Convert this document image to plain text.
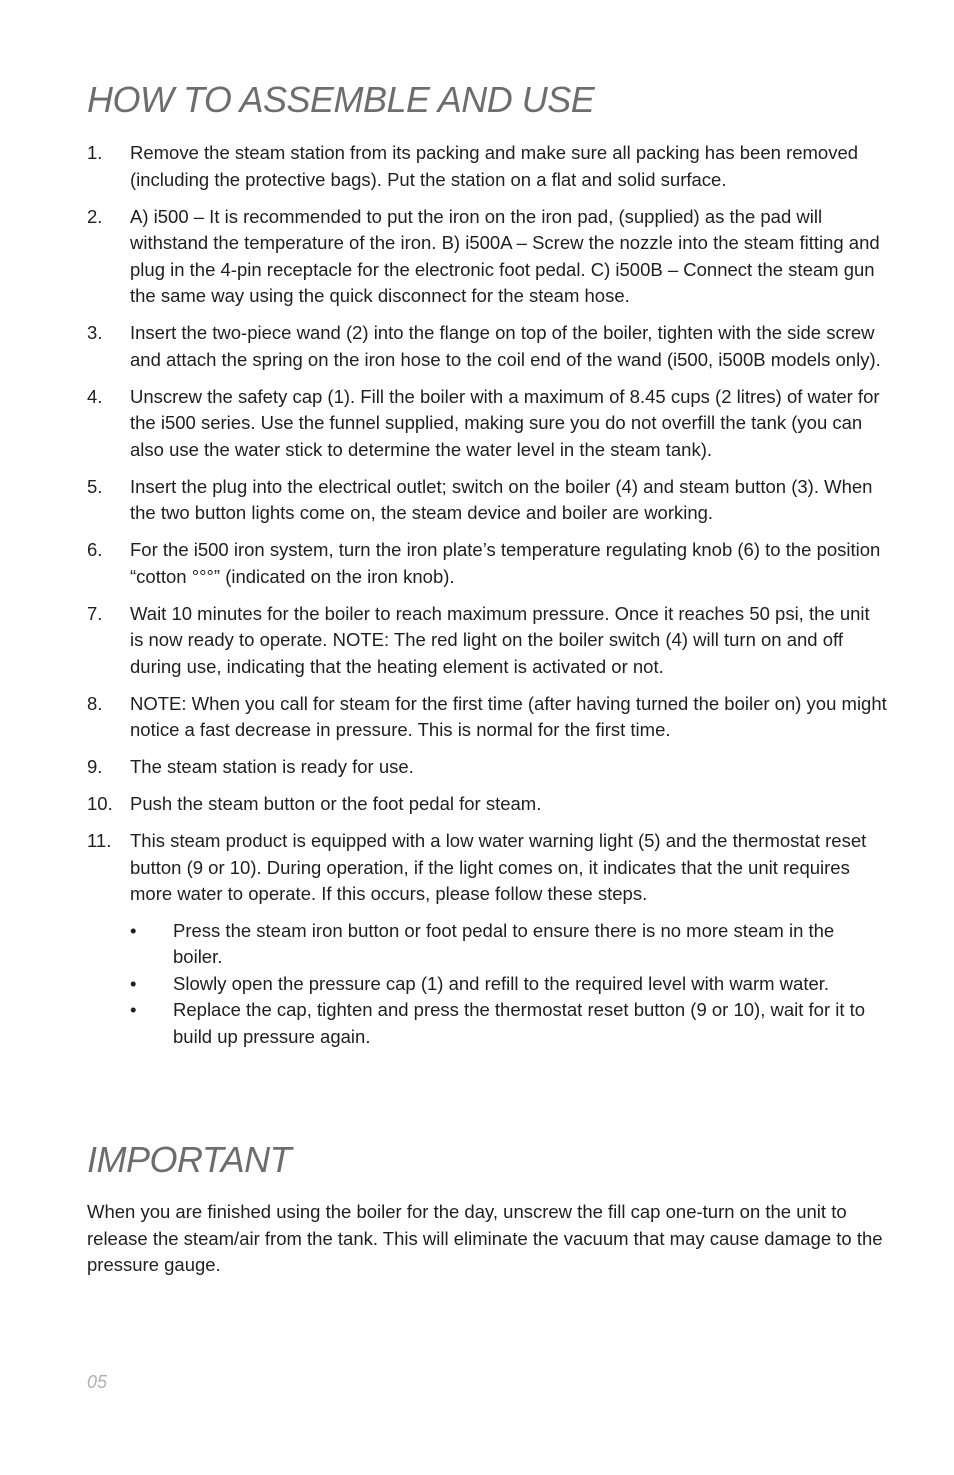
HOW TO ASSEMBLE AND USE
1. Remove the steam station from its packing and make sure all packing has been removed (including the protective bags). Put the station on a flat and solid surface.
2. A) i500 – It is recommended to put the iron on the iron pad, (supplied) as the pad will withstand the temperature of the iron. B) i500A – Screw the nozzle into the steam fitting and plug in the 4-pin receptacle for the electronic foot pedal. C) i500B – Connect the steam gun the same way using the quick disconnect for the steam hose.
3. Insert the two-piece wand (2) into the flange on top of the boiler, tighten with the side screw and attach the spring on the iron hose to the coil end of the wand (i500, i500B models only).
4. Unscrew the safety cap (1). Fill the boiler with a maximum of 8.45 cups (2 litres) of water for the i500 series. Use the funnel supplied, making sure you do not overfill the tank (you can also use the water stick to determine the water level in the steam tank).
5. Insert the plug into the electrical outlet; switch on the boiler (4) and steam button (3). When the two button lights come on, the steam device and boiler are working.
6. For the i500 iron system, turn the iron plate’s temperature regulating knob (6) to the position “cotton °°°” (indicated on the iron knob).
7. Wait 10 minutes for the boiler to reach maximum pressure. Once it reaches 50 psi, the unit is now ready to operate. NOTE: The red light on the boiler switch (4) will turn on and off during use, indicating that the heating element is activated or not.
8. NOTE: When you call for steam for the first time (after having turned the boiler on) you might notice a fast decrease in pressure. This is normal for the first time.
9. The steam station is ready for use.
10. Push the steam button or the foot pedal for steam.
11. This steam product is equipped with a low water warning light (5) and the thermostat reset button (9 or 10). During operation, if the light comes on, it indicates that the unit requires more water to operate. If this occurs, please follow these steps.
• Press the steam iron button or foot pedal to ensure there is no more steam in the boiler.
• Slowly open the pressure cap (1) and refill to the required level with warm water.
• Replace the cap, tighten and press the thermostat reset button (9 or 10), wait for it to build up pressure again.
IMPORTANT

When you are finished using the boiler for the day, unscrew the fill cap one-turn on the unit to release the steam/air from the tank. This will eliminate the vacuum that may cause damage to the pressure gauge.

05
